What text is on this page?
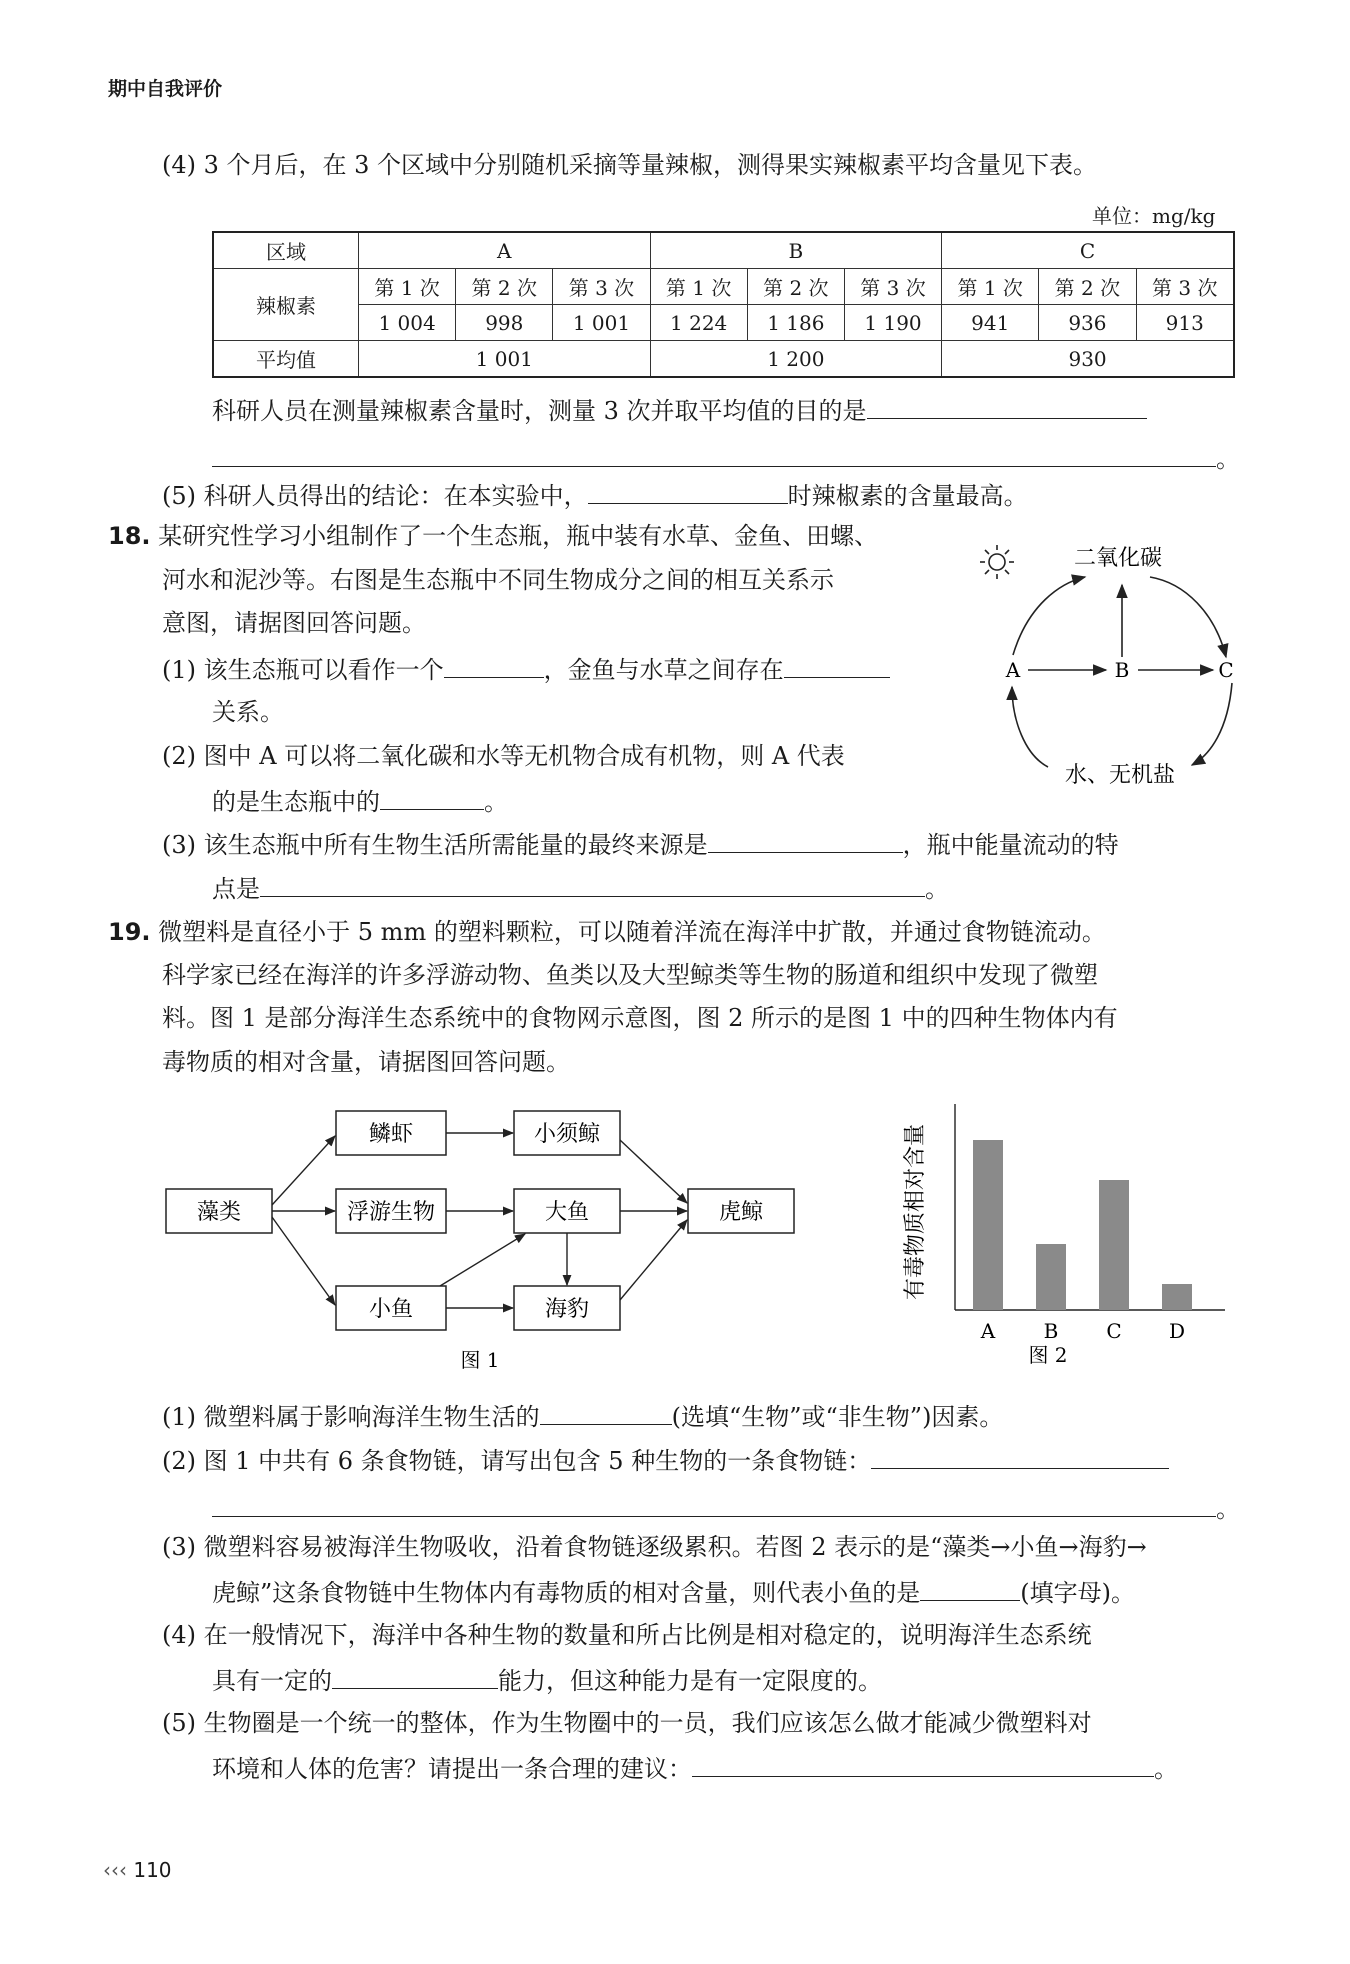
期中自我评价
(4) 3 个月后，在 3 个区域中分别随机采摘等量辣椒，测得果实辣椒素平均含量见下表。
单位：mg/kg
区域	A			B			C		
辣椒素	第 1 次	第 2 次	第 3 次	第 1 次	第 2 次	第 3 次	第 1 次	第 2 次	第 3 次
	1 004	998	1 001	1 224	1 186	1 190	941	936	913
平均值	1 001			1 200			930		
科研人员在测量辣椒素含量时，测量 3 次并取平均值的目的是
。
(5) 科研人员得出的结论：在本实验中，	时辣椒素的含量最高。
18. 某研究性学习小组制作了一个生态瓶，瓶中装有水草、金鱼、田螺、
河水和泥沙等。右图是生态瓶中不同生物成分之间的相互关系示
意图，请据图回答问题。
(1) 该生态瓶可以看作一个	，金鱼与水草之间存在
关系。
(2) 图中 A 可以将二氧化碳和水等无机物合成有机物，则 A 代表
的是生态瓶中的	。
(3) 该生态瓶中所有生物生活所需能量的最终来源是	，瓶中能量流动的特
点是	。
二氧化碳
A	B	C
水、无机盐
19. 微塑料是直径小于 5 mm 的塑料颗粒，可以随着洋流在海洋中扩散，并通过食物链流动。
科学家已经在海洋的许多浮游动物、鱼类以及大型鲸类等生物的肠道和组织中发现了微塑
料。图 1 是部分海洋生态系统中的食物网示意图，图 2 所示的是图 1 中的四种生物体内有
毒物质的相对含量，请据图回答问题。
藻类
鳞虾	小须鲸
浮游生物	大鱼	虎鲸
小鱼	海豹
图 1
有毒物质相对含量
A B C D
图 2
(1) 微塑料属于影响海洋生物生活的	(选填“生物”或“非生物”)因素。
(2) 图 1 中共有 6 条食物链，请写出包含 5 种生物的一条食物链：
。
(3) 微塑料容易被海洋生物吸收，沿着食物链逐级累积。若图 2 表示的是“藻类→小鱼→海豹→
虎鲸”这条食物链中生物体内有毒物质的相对含量，则代表小鱼的是	(填字母)。
(4) 在一般情况下，海洋中各种生物的数量和所占比例是相对稳定的，说明海洋生态系统
具有一定的	能力，但这种能力是有一定限度的。
(5) 生物圈是一个统一的整体，作为生物圈中的一员，我们应该怎么做才能减少微塑料对
环境和人体的危害？请提出一条合理的建议：	。
‹‹‹ 110
